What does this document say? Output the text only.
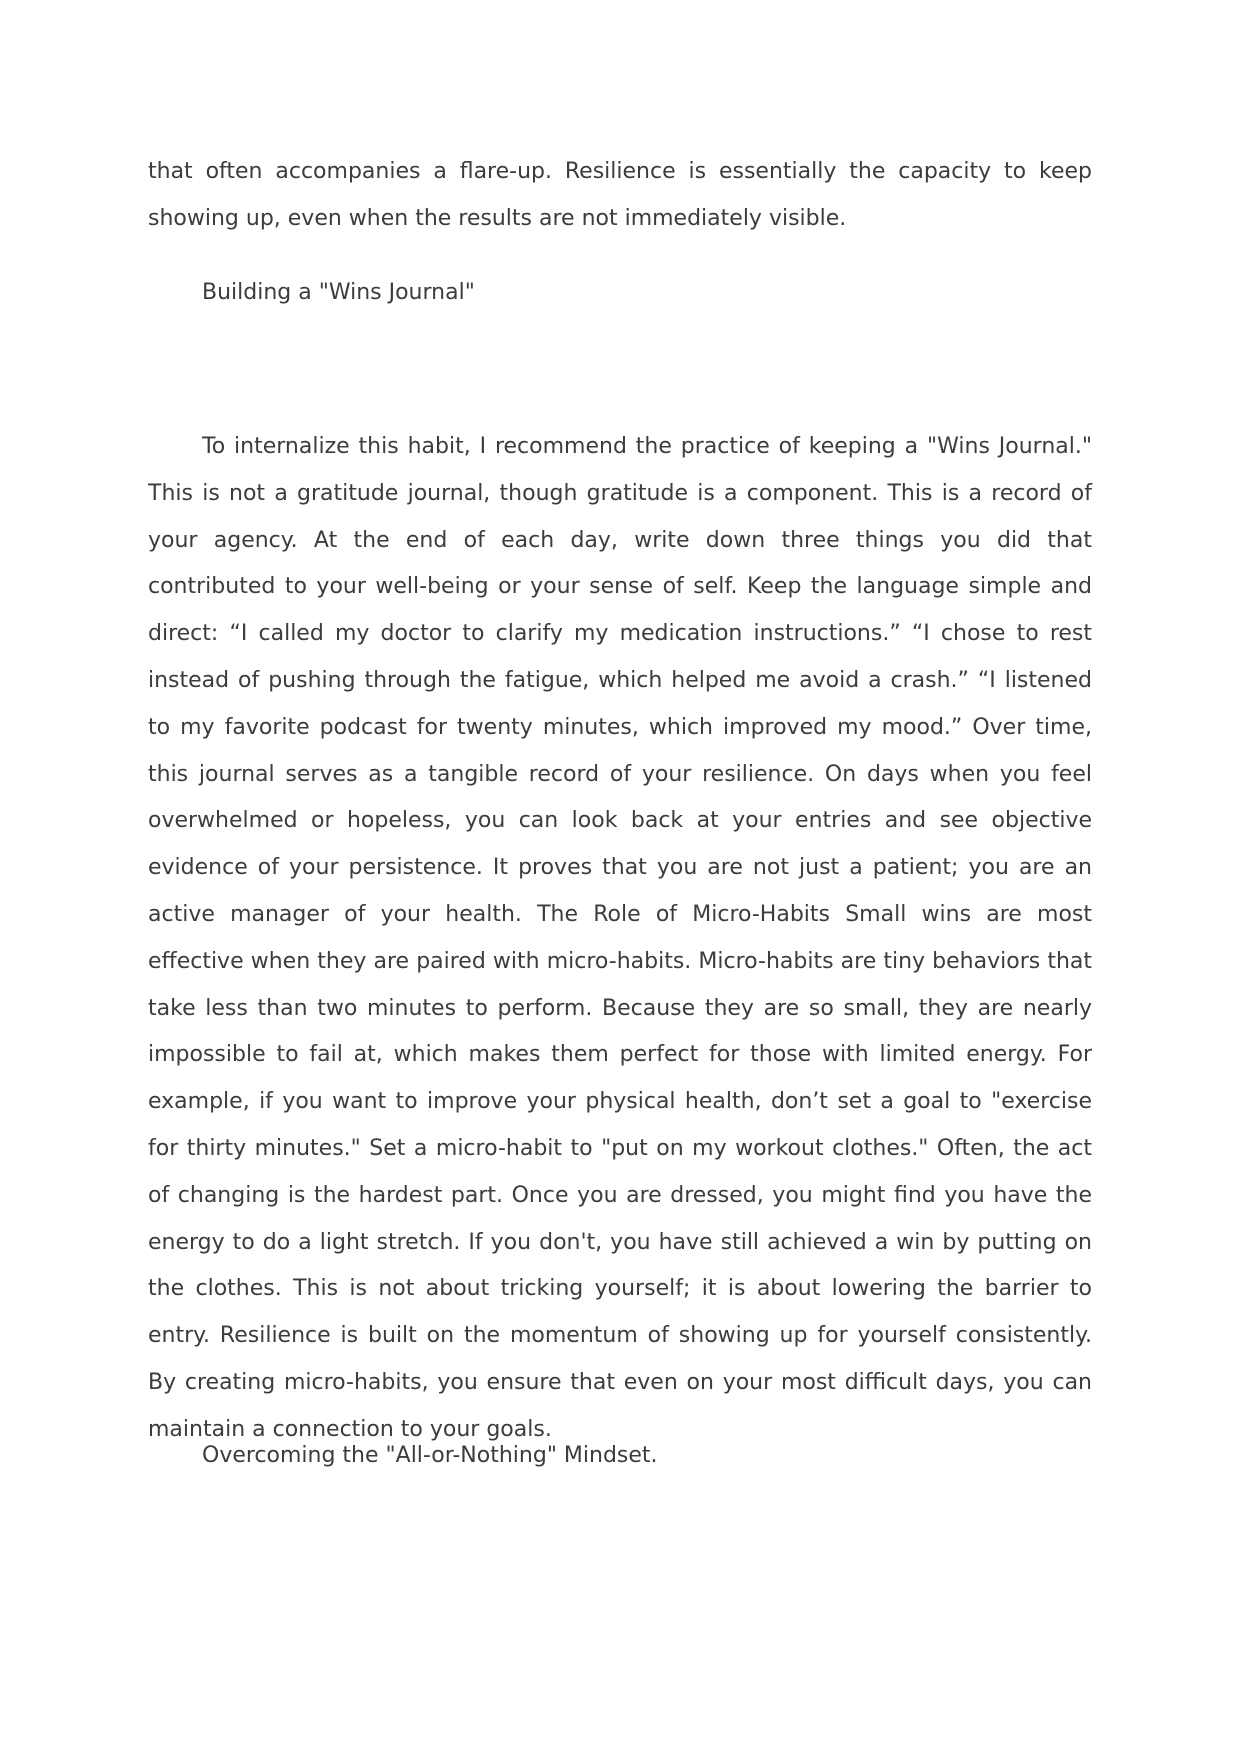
that often accompanies a flare-up. Resilience is essentially the capacity to keep showing up, even when the results are not immediately visible.

Building a "Wins Journal"

To internalize this habit, I recommend the practice of keeping a "Wins Journal." This is not a gratitude journal, though gratitude is a component. This is a record of your agency. At the end of each day, write down three things you did that contributed to your well-being or your sense of self. Keep the language simple and direct: “I called my doctor to clarify my medication instructions.” “I chose to rest instead of pushing through the fatigue, which helped me avoid a crash.” “I listened to my favorite podcast for twenty minutes, which improved my mood.” Over time, this journal serves as a tangible record of your resilience. On days when you feel overwhelmed or hopeless, you can look back at your entries and see objective evidence of your persistence. It proves that you are not just a patient; you are an active manager of your health. The Role of Micro-Habits Small wins are most effective when they are paired with micro-habits. Micro-habits are tiny behaviors that take less than two minutes to perform. Because they are so small, they are nearly impossible to fail at, which makes them perfect for those with limited energy. For example, if you want to improve your physical health, don’t set a goal to "exercise for thirty minutes." Set a micro-habit to "put on my workout clothes." Often, the act of changing is the hardest part. Once you are dressed, you might find you have the energy to do a light stretch. If you don't, you have still achieved a win by putting on the clothes. This is not about tricking yourself; it is about lowering the barrier to entry. Resilience is built on the momentum of showing up for yourself consistently. By creating micro-habits, you ensure that even on your most difficult days, you can maintain a connection to your goals.

Overcoming the "All-or-Nothing" Mindset.
